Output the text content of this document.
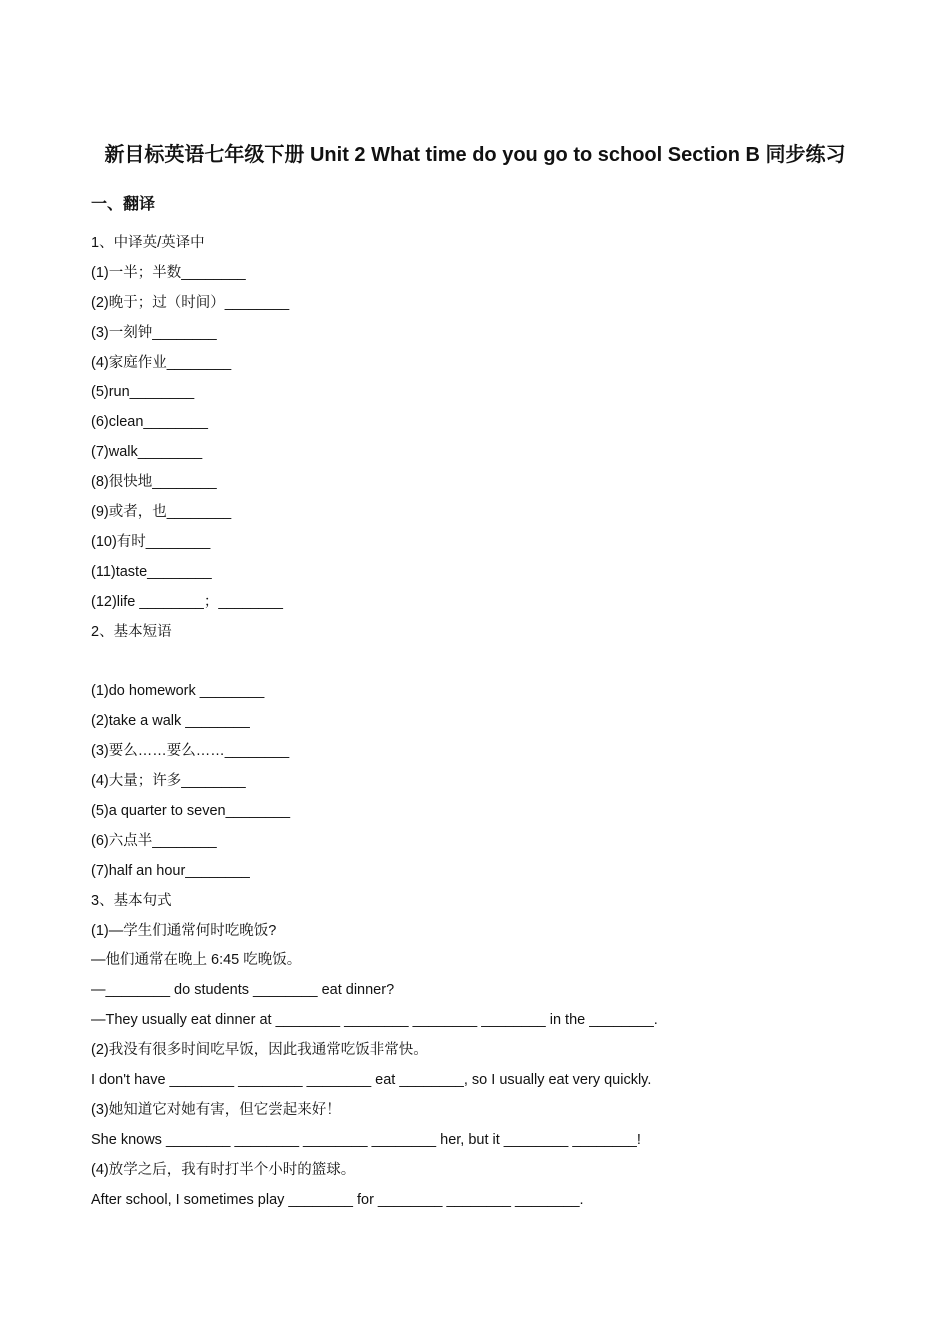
新目标英语七年级下册 Unit 2 What time do you go to school Section B 同步练习
一、翻译
1、中译英/英译中
(1)一半；半数________
(2)晚于；过（时间）________
(3)一刻钟________
(4)家庭作业________
(5)run________
(6)clean________
(7)walk________
(8)很快地________
(9)或者，也________
(10)有时________
(11)taste________
(12)life ________；________
2、基本短语
(1)do homework ________
(2)take a walk ________
(3)要么……要么……________
(4)大量；许多________
(5)a quarter to seven________
(6)六点半________
(7)half an hour________
3、基本句式
(1)—学生们通常何时吃晚饭?
—他们通常在晚上 6:45 吃晚饭。
—________ do students ________ eat dinner?
—They usually eat dinner at ________ ________ ________ ________ in the ________.
(2)我没有很多时间吃早饭，因此我通常吃饭非常快。
I don't have ________ ________ ________ eat ________, so I usually eat very quickly.
(3)她知道它对她有害，但它尝起来好！
She knows ________ ________ ________ ________ her, but it ________ ________!
(4)放学之后，我有时打半个小时的篮球。
After school, I sometimes play ________ for ________ ________ ________.
